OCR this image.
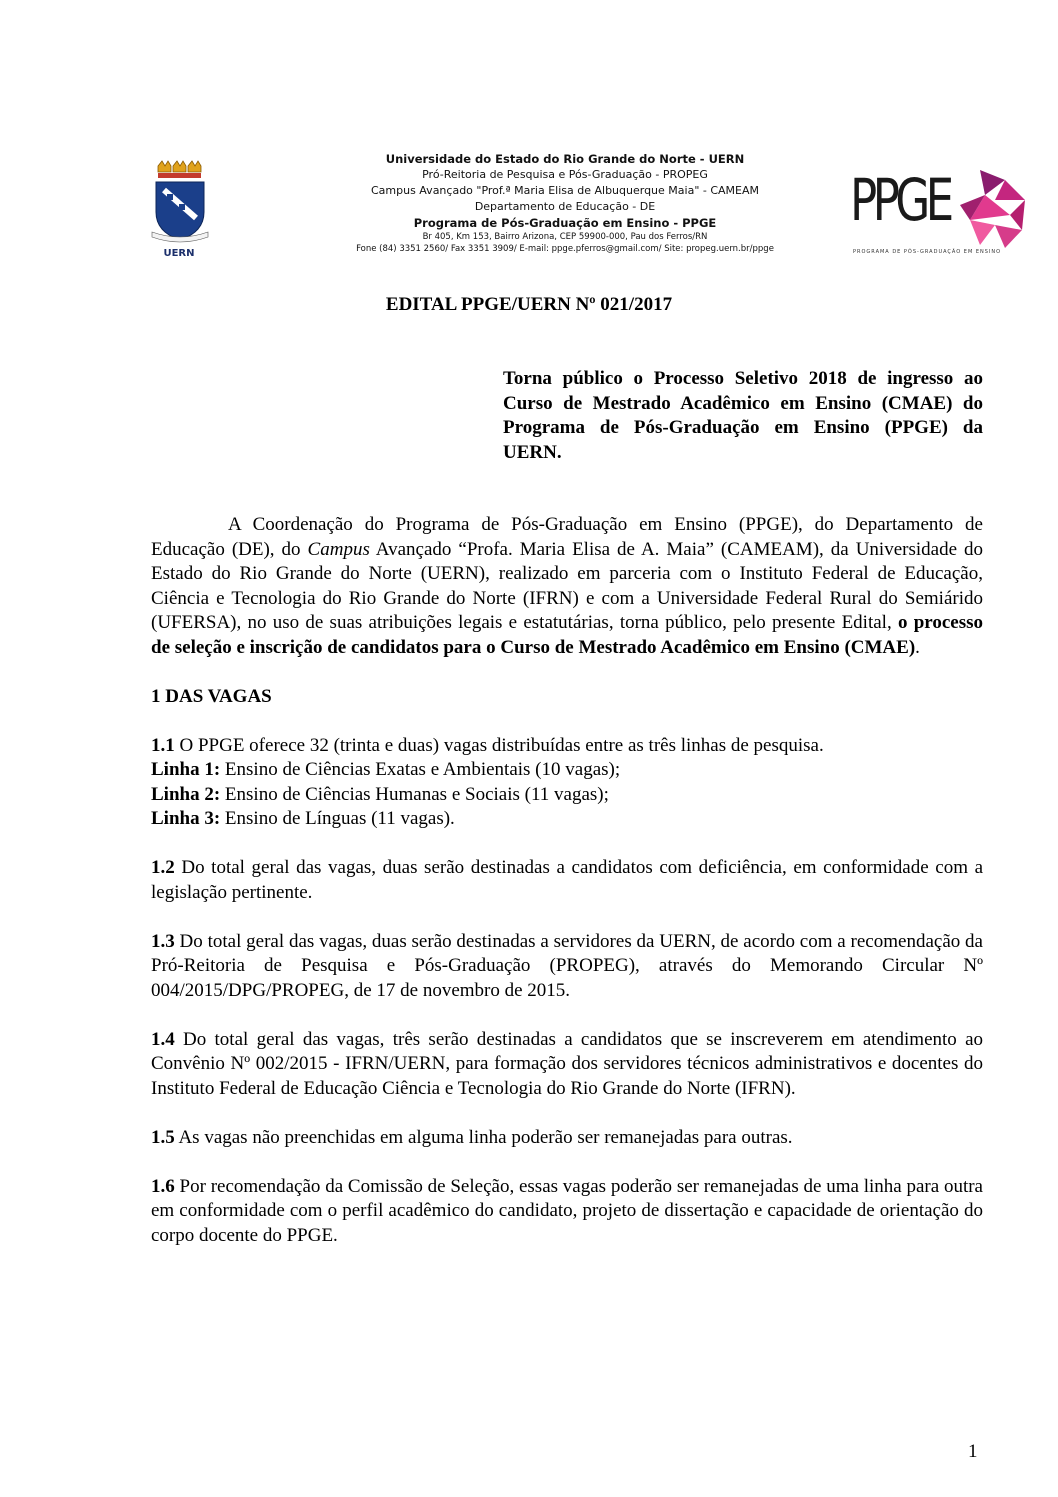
UERN
Universidade do Estado do Rio Grande do Norte - UERN
Pró-Reitoria de Pesquisa e Pós-Graduação - PROPEG
Campus Avançado "Prof.ª Maria Elisa de Albuquerque Maia" - CAMEAM
Departamento de Educação - DE
Programa de Pós-Graduação em Ensino - PPGE
Br 405, Km 153, Bairro Arizona, CEP 59900-000, Pau dos Ferros/RN
Fone (84) 3351 2560/ Fax 3351 3909/ E-mail: ppge.pferros@gmail.com/ Site: propeg.uern.br/ppge
PPGE
PROGRAMA DE PÓS-GRADUAÇÃO EM ENSINO
EDITAL PPGE/UERN Nº 021/2017
Torna público o Processo Seletivo 2018 de ingresso ao Curso de Mestrado Acadêmico em Ensino (CMAE) do Programa de Pós-Graduação em Ensino (PPGE) da UERN.

A Coordenação do Programa de Pós-Graduação em Ensino (PPGE), do Departamento de Educação (DE), do Campus Avançado “Profa. Maria Elisa de A. Maia” (CAMEAM), da Universidade do Estado do Rio Grande do Norte (UERN), realizado em parceria com o Instituto Federal de Educação, Ciência e Tecnologia do Rio Grande do Norte (IFRN) e com a Universidade Federal Rural do Semiárido (UFERSA), no uso de suas atribuições legais e estatutárias, torna público, pelo presente Edital, o processo de seleção e inscrição de candidatos para o Curso de Mestrado Acadêmico em Ensino (CMAE).

1 DAS VAGAS

1.1 O PPGE oferece 32 (trinta e duas) vagas distribuídas entre as três linhas de pesquisa.

Linha 1: Ensino de Ciências Exatas e Ambientais (10 vagas);

Linha 2: Ensino de Ciências Humanas e Sociais (11 vagas);

Linha 3: Ensino de Línguas (11 vagas).

1.2 Do total geral das vagas, duas serão destinadas a candidatos com deficiência, em conformidade com a legislação pertinente.

1.3 Do total geral das vagas, duas serão destinadas a servidores da UERN, de acordo com a recomendação da Pró-Reitoria de Pesquisa e Pós-Graduação (PROPEG), através do Memorando Circular Nº 004/2015/DPG/PROPEG, de 17 de novembro de 2015.

1.4 Do total geral das vagas, três serão destinadas a candidatos que se inscreverem em atendimento ao Convênio Nº 002/2015 - IFRN/UERN, para formação dos servidores técnicos administrativos e docentes do Instituto Federal de Educação Ciência e Tecnologia do Rio Grande do Norte (IFRN).

1.5 As vagas não preenchidas em alguma linha poderão ser remanejadas para outras.

1.6 Por recomendação da Comissão de Seleção, essas vagas poderão ser remanejadas de uma linha para outra em conformidade com o perfil acadêmico do candidato, projeto de dissertação e capacidade de orientação do corpo docente do PPGE.

1
